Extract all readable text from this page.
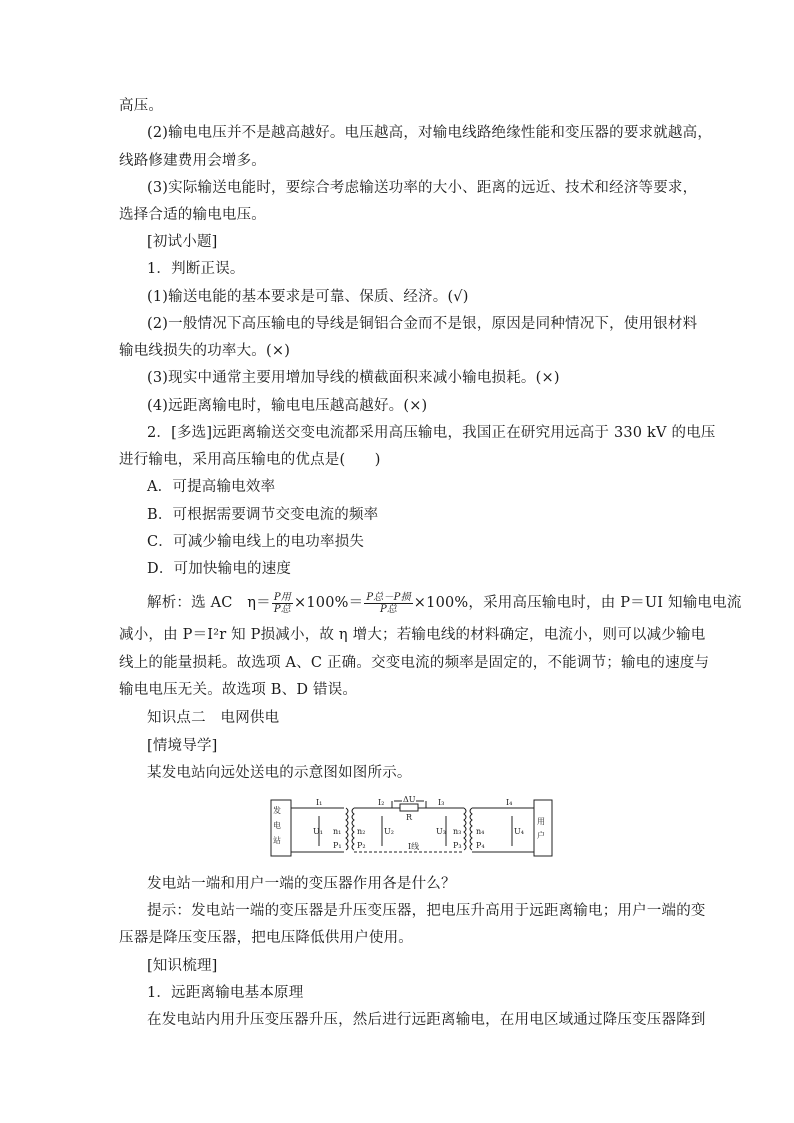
高压。
(2)输电电压并不是越高越好。电压越高，对输电线路绝缘性能和变压器的要求就越高，
线路修建费用会增多。
(3)实际输送电能时，要综合考虑输送功率的大小、距离的远近、技术和经济等要求，
选择合适的输电电压。
[初试小题]
1．判断正误。
(1)输送电能的基本要求是可靠、保质、经济。(√)
(2)一般情况下高压输电的导线是铜铝合金而不是银，原因是同种情况下，使用银材料
输电线损失的功率大。(×)
(3)现实中通常主要用增加导线的横截面积来减小输电损耗。(×)
(4)远距离输电时，输电电压越高越好。(×)
2．[多选]远距离输送交变电流都采用高压输电，我国正在研究用远高于 330 kV 的电压
进行输电，采用高压输电的优点是(　　)
A．可提高输电效率
B．可根据需要调节交变电流的频率
C．可减少输电线上的电功率损失
D．可加快输电的速度
解析：选 AC　$\eta= \frac{\text{P用}}{\text{P总}} \times 100\%= \frac{\text{P总－P损}}{\text{P总}} \times 100\%$，采用高压输电时，由 P＝UI 知输电电流
减小，由 P＝I²r 知 P损减小，故 η 增大；若输电线的材料确定，电流小，则可以减少输电
线上的能量损耗。故选项 A、C 正确。交变电流的频率是固定的，不能调节；输电的速度与
输电电压无关。故选项 B、D 错误。
知识点二　电网供电
[情境导学]
某发电站向远处送电的示意图如图所示。
发
电
站
用
户
I₁	I₂	I₃	I₄
ΔU
R
U₁	U₂	U₃	U₄
n₁ n₂	n₃ n₄
P₁ P₂	P₃ P₄
I线
发电站一端和用户一端的变压器作用各是什么？
提示：发电站一端的变压器是升压变压器，把电压升高用于远距离输电；用户一端的变
压器是降压变压器，把电压降低供用户使用。
[知识梳理]
1．远距离输电基本原理
在发电站内用升压变压器升压，然后进行远距离输电，在用电区域通过降压变压器降到
